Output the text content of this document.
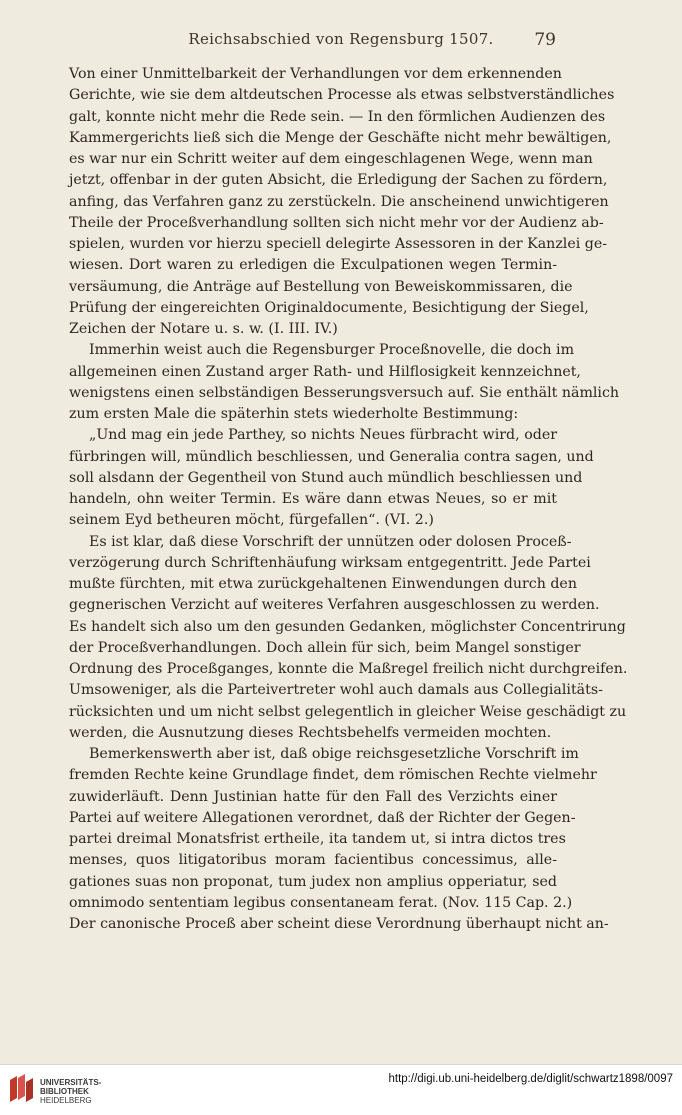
Reichsabschied von Regensburg 1507.	79
Von einer Unmittelbarkeit der Verhandlungen vor dem erkennenden
Gerichte, wie sie dem altdeutschen Processe als etwas selbstverständliches
galt, konnte nicht mehr die Rede sein. — In den förmlichen Audienzen des
Kammergerichts ließ sich die Menge der Geschäfte nicht mehr bewältigen,
es war nur ein Schritt weiter auf dem eingeschlagenen Wege, wenn man
jetzt, offenbar in der guten Absicht, die Erledigung der Sachen zu fördern,
anfing, das Verfahren ganz zu zerstückeln. Die anscheinend unwichtigeren
Theile der Proceßverhandlung sollten sich nicht mehr vor der Audienz ab-
spielen, wurden vor hierzu speciell delegirte Assessoren in der Kanzlei ge-
wiesen. Dort waren zu erledigen die Exculpationen wegen Termin-
versäumung, die Anträge auf Bestellung von Beweiskommissaren, die
Prüfung der eingereichten Originaldocumente, Besichtigung der Siegel,
Zeichen der Notare u. s. w. (I. III. IV.)
Immerhin weist auch die Regensburger Proceßnovelle, die doch im
allgemeinen einen Zustand arger Rath- und Hilflosigkeit kennzeichnet,
wenigstens einen selbständigen Besserungsversuch auf. Sie enthält nämlich
zum ersten Male die späterhin stets wiederholte Bestimmung:
„Und mag ein jede Parthey, so nichts Neues fürbracht wird, oder
fürbringen will, mündlich beschliessen, und Generalia contra sagen, und
soll alsdann der Gegentheil von Stund auch mündlich beschliessen und
handeln, ohn weiter Termin. Es wäre dann etwas Neues, so er mit
seinem Eyd betheuren möcht, fürgefallen“. (VI. 2.)
Es ist klar, daß diese Vorschrift der unnützen oder dolosen Proceß-
verzögerung durch Schriftenhäufung wirksam entgegentritt. Jede Partei
mußte fürchten, mit etwa zurückgehaltenen Einwendungen durch den
gegnerischen Verzicht auf weiteres Verfahren ausgeschlossen zu werden.
Es handelt sich also um den gesunden Gedanken, möglichster Concentrirung
der Proceßverhandlungen. Doch allein für sich, beim Mangel sonstiger
Ordnung des Proceßganges, konnte die Maßregel freilich nicht durchgreifen.
Umsoweniger, als die Parteivertreter wohl auch damals aus Collegialitäts-
rücksichten und um nicht selbst gelegentlich in gleicher Weise geschädigt zu
werden, die Ausnutzung dieses Rechtsbehelfs vermeiden mochten.
Bemerkenswerth aber ist, daß obige reichsgesetzliche Vorschrift im
fremden Rechte keine Grundlage findet, dem römischen Rechte vielmehr
zuwiderläuft. Denn Justinian hatte für den Fall des Verzichts einer
Partei auf weitere Allegationen verordnet, daß der Richter der Gegen-
partei dreimal Monatsfrist ertheile, ita tandem ut, si intra dictos tres
menses, quos litigatoribus moram facientibus concessimus, alle-
gationes suas non proponat, tum judex non amplius opperiatur, sed
omnimodo sententiam legibus consentaneam ferat. (Nov. 115 Cap. 2.)
Der canonische Proceß aber scheint diese Verordnung überhaupt nicht an-
UNIVERSITÄTS-
BIBLIOTHEK
HEIDELBERG
http://digi.ub.uni-heidelberg.de/diglit/schwartz1898/0097
